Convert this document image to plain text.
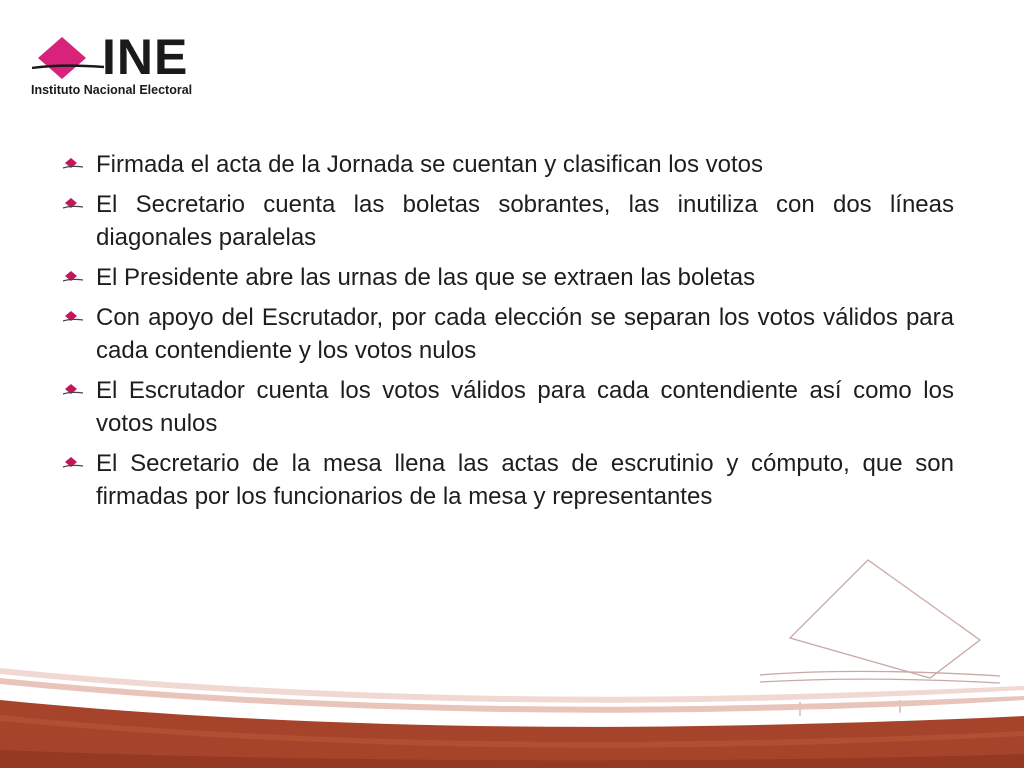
INE
Instituto Nacional Electoral
Firmada el acta de la Jornada se cuentan y clasifican los votos
El Secretario cuenta las boletas sobrantes, las inutiliza con dos líneas diagonales paralelas
El Presidente abre las urnas de las que se extraen las boletas
Con apoyo del Escrutador, por cada elección se separan los votos válidos para cada contendiente y los votos nulos
El Escrutador cuenta los votos válidos para cada contendiente así como los votos nulos
El Secretario de la mesa llena las actas de escrutinio y cómputo, que son firmadas por los funcionarios de la mesa y representantes
